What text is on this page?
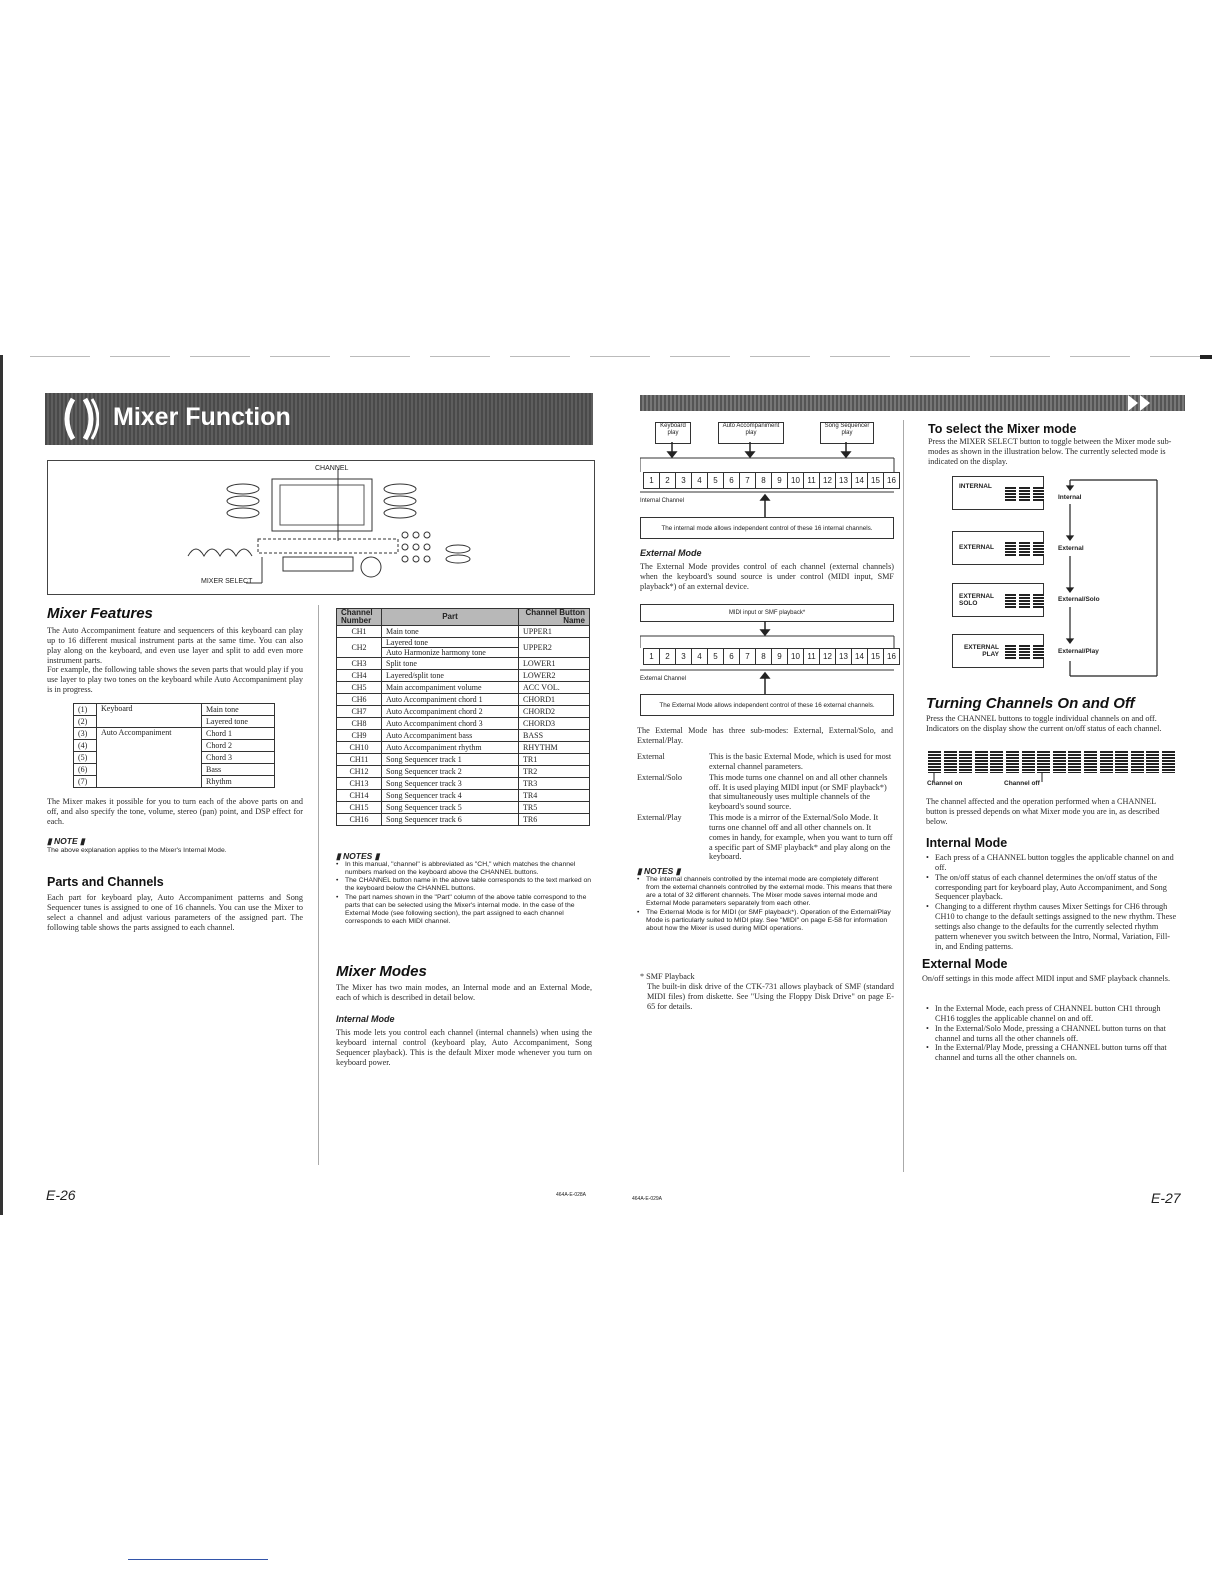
Mixer Function
CHANNEL
MIXER SELECT
Mixer Features
The Auto Accompaniment feature and sequencers of this keyboard can play up to 16 different musical instrument parts at the same time. You can also play along on the keyboard, and even use layer and split to add even more instrument parts.
For example, the following table shows the seven parts that would play if you use layer to play two tones on the keyboard while Auto Accompaniment play is in progress.
(1)	Keyboard	Main tone
(2)		Layered tone
(3)	Auto Accompaniment	Chord 1
(4)		Chord 2
(5)		Chord 3
(6)		Bass
(7)		Rhythm

The Mixer makes it possible for you to turn each of the above parts on and off, and also specify the tone, volume, stereo (pan) point, and DSP effect for each.

▮ NOTE ▮

The above explanation applies to the Mixer's Internal Mode.

Parts and Channels

Each part for keyboard play, Auto Accompaniment patterns and Song Sequencer tunes is assigned to one of 16 channels. You can use the Mixer to select a channel and adjust various parameters of the assigned part. The following table shows the parts assigned to each channel.

Channel Number	Part	Channel Button Name
CH1	Main tone	UPPER1
CH2	Layered tone
Auto Harmonize harmony tone	UPPER2
CH3	Split tone	LOWER1
CH4	Layered/split tone	LOWER2
CH5	Main accompaniment volume	ACC VOL.
CH6	Auto Accompaniment chord 1	CHORD1
CH7	Auto Accompaniment chord 2	CHORD2
CH8	Auto Accompaniment chord 3	CHORD3
CH9	Auto Accompaniment bass	BASS
CH10	Auto Accompaniment rhythm	RHYTHM
CH11	Song Sequencer track 1	TR1
CH12	Song Sequencer track 2	TR2
CH13	Song Sequencer track 3	TR3
CH14	Song Sequencer track 4	TR4
CH15	Song Sequencer track 5	TR5
CH16	Song Sequencer track 6	TR6
▮ NOTES ▮
• In this manual, "channel" is abbreviated as "CH," which matches the channel numbers marked on the keyboard above the CHANNEL buttons.
• The CHANNEL button name in the above table corresponds to the text marked on the keyboard below the CHANNEL buttons.
• The part names shown in the "Part" column of the above table correspond to the parts that can be selected using the Mixer's internal mode. In the case of the External Mode (see following section), the part assigned to each channel corresponds to each MIDI channel.
Mixer Modes

The Mixer has two main modes, an Internal mode and an External Mode, each of which is described in detail below.

Internal Mode

This mode lets you control each channel (internal channels) when using the keyboard internal control (keyboard play, Auto Accompaniment, Song Sequencer playback). This is the default Mixer mode whenever you turn on keyboard power.

E-26	464A-E-028A
Keyboard play
Auto Accompaniment play
Song Sequencer play
1	2	3	4	5	6	7	8	9	10 11 12 13 14 15 16
Internal Channel
The internal mode allows independent control of these 16 internal channels.
External Mode

The External Mode provides control of each channel (external channels) when the keyboard's sound source is under control (MIDI input, SMF playback*) of an external device.

MIDI input or SMF playback*
1	2	3	4	5	6	7	8	9	10 11 12 13 14 15 16
External Channel
The External Mode allows independent control of these 16 external channels.

The External Mode has three sub-modes: External, External/Solo, and External/Play.

External	This is the basic External Mode, which is used for most external channel parameters.
External/Solo	This mode turns one channel on and all other channels off. It is used playing MIDI input (or SMF playback*) that simultaneously uses multiple channels of the keyboard's sound source.
External/Play	This mode is a mirror of the External/Solo Mode. It turns one channel off and all other channels on. It comes in handy, for example, when you want to turn off a specific part of SMF playback* and play along on the keyboard.
▮ NOTES ▮
• The internal channels controlled by the internal mode are completely different from the external channels controlled by the external mode. This means that there are a total of 32 different channels. The Mixer mode saves internal mode and External Mode parameters separately from each other.
• The External Mode is for MIDI (or SMF playback*). Operation of the External/Play Mode is particularly suited to MIDI play. See "MIDI" on page E-58 for information about how the Mixer is used during MIDI operations.
* SMF Playback
The built-in disk drive of the CTK-731 allows playback of SMF (standard MIDI files) from diskette. See "Using the Floppy Disk Drive" on page E-65 for details.
To select the Mixer mode

Press the MIXER SELECT button to toggle between the Mixer mode sub-modes as shown in the illustration below. The currently selected mode is indicated on the display.

INTERNAL
Internal
EXTERNAL	External
EXTERNAL SOLO
External/Solo
EXTERNAL PLAY	External/Play
Turning Channels On and Off

Press the CHANNEL buttons to toggle individual channels on and off. Indicators on the display show the current on/off status of each channel.

Channel on	Channel off

The channel affected and the operation performed when a CHANNEL button is pressed depends on what Mixer mode you are in, as described below.

Internal Mode
• Each press of a CHANNEL button toggles the applicable channel on and off.
• The on/off status of each channel determines the on/off status of the corresponding part for keyboard play, Auto Accompaniment, and Song Sequencer playback.
• Changing to a different rhythm causes Mixer Settings for CH6 through CH10 to change to the default settings assigned to the new rhythm. These settings also change to the defaults for the currently selected rhythm pattern whenever you switch between the Intro, Normal, Variation, Fill-in, and Ending patterns.
External Mode

On/off settings in this mode affect MIDI input and SMF playback channels.

• In the External Mode, each press of CHANNEL button CH1 through CH16 toggles the applicable channel on and off.
• In the External/Solo Mode, pressing a CHANNEL button turns on that channel and turns all the other channels off.
• In the External/Play Mode, pressing a CHANNEL button turns off that channel and turns all the other channels on.
464A-E-029A	E-27
